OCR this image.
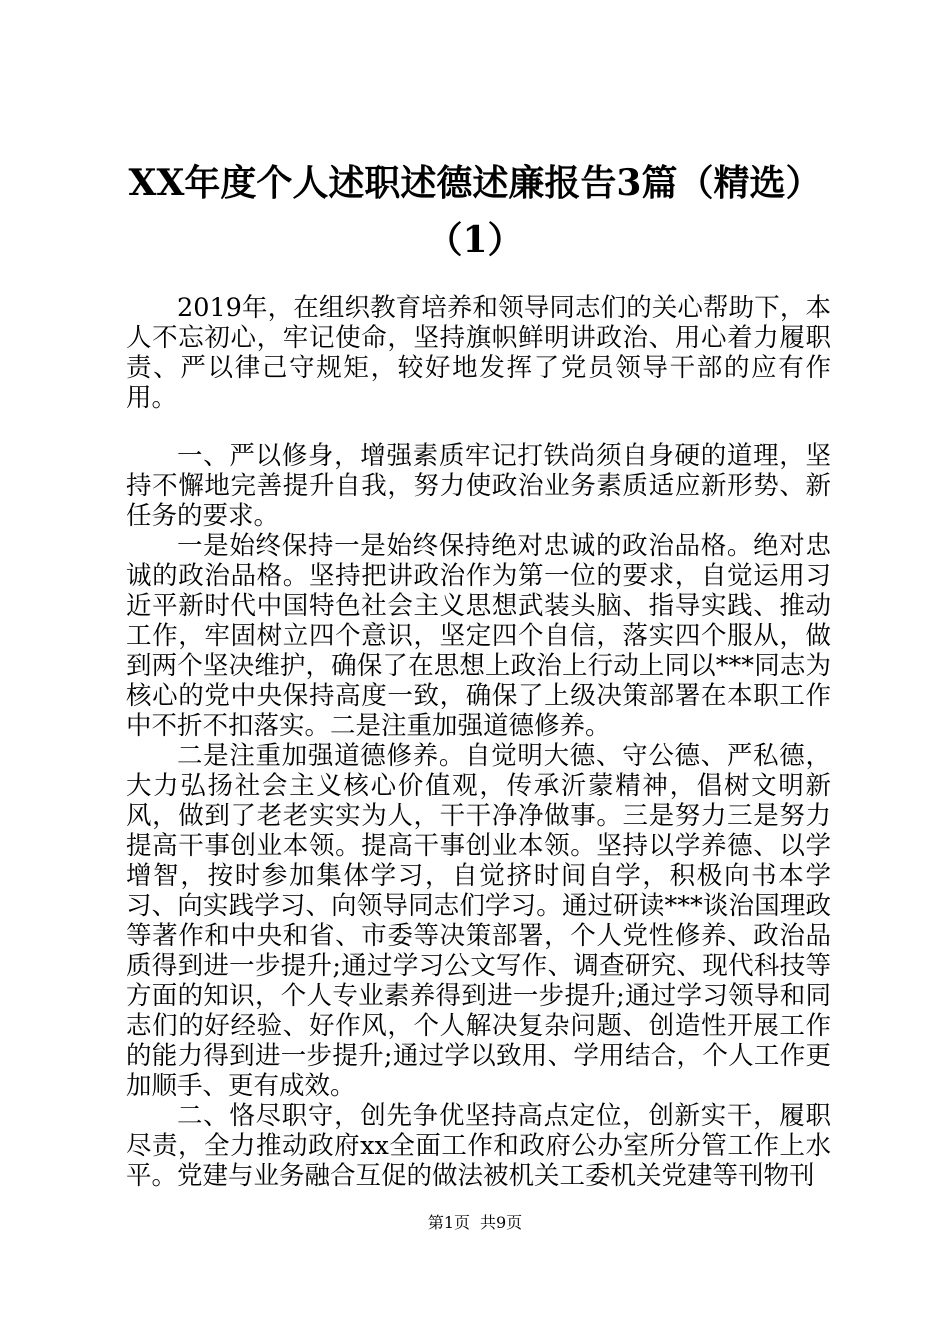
XX年度个人述职述德述廉报告3篇（精选）
（1）

2019年，在组织教育培养和领导同志们的关心帮助下，本人不忘初心，牢记使命，坚持旗帜鲜明讲政治、用心着力履职责、严以律己守规矩，较好地发挥了党员领导干部的应有作用。

一、严以修身，增强素质牢记打铁尚须自身硬的道理，坚持不懈地完善提升自我，努力使政治业务素质适应新形势、新任务的要求。

一是始终保持一是始终保持绝对忠诚的政治品格。绝对忠诚的政治品格。坚持把讲政治作为第一位的要求，自觉运用习近平新时代中国特色社会主义思想武装头脑、指导实践、推动工作，牢固树立四个意识，坚定四个自信，落实四个服从，做到两个坚决维护，确保了在思想上政治上行动上同以***同志为核心的党中央保持高度一致，确保了上级决策部署在本职工作中不折不扣落实。二是注重加强道德修养。

二是注重加强道德修养。自觉明大德、守公德、严私德，大力弘扬社会主义核心价值观，传承沂蒙精神，倡树文明新风，做到了老老实实为人，干干净净做事。三是努力三是努力提高干事创业本领。提高干事创业本领。坚持以学养德、以学增智，按时参加集体学习，自觉挤时间自学，积极向书本学习、向实践学习、向领导同志们学习。通过研读***谈治国理政等著作和中央和省、市委等决策部署，个人党性修养、政治品质得到进一步提升;通过学习公文写作、调查研究、现代科技等方面的知识，个人专业素养得到进一步提升;通过学习领导和同志们的好经验、好作风，个人解决复杂问题、创造性开展工作的能力得到进一步提升;通过学以致用、学用结合，个人工作更加顺手、更有成效。

二、恪尽职守，创先争优坚持高点定位，创新实干，履职尽责，全力推动政府xx全面工作和政府公办室所分管工作上水平。党建与业务融合互促的做法被机关工委机关党建等刊物刊

第1页 共9页
